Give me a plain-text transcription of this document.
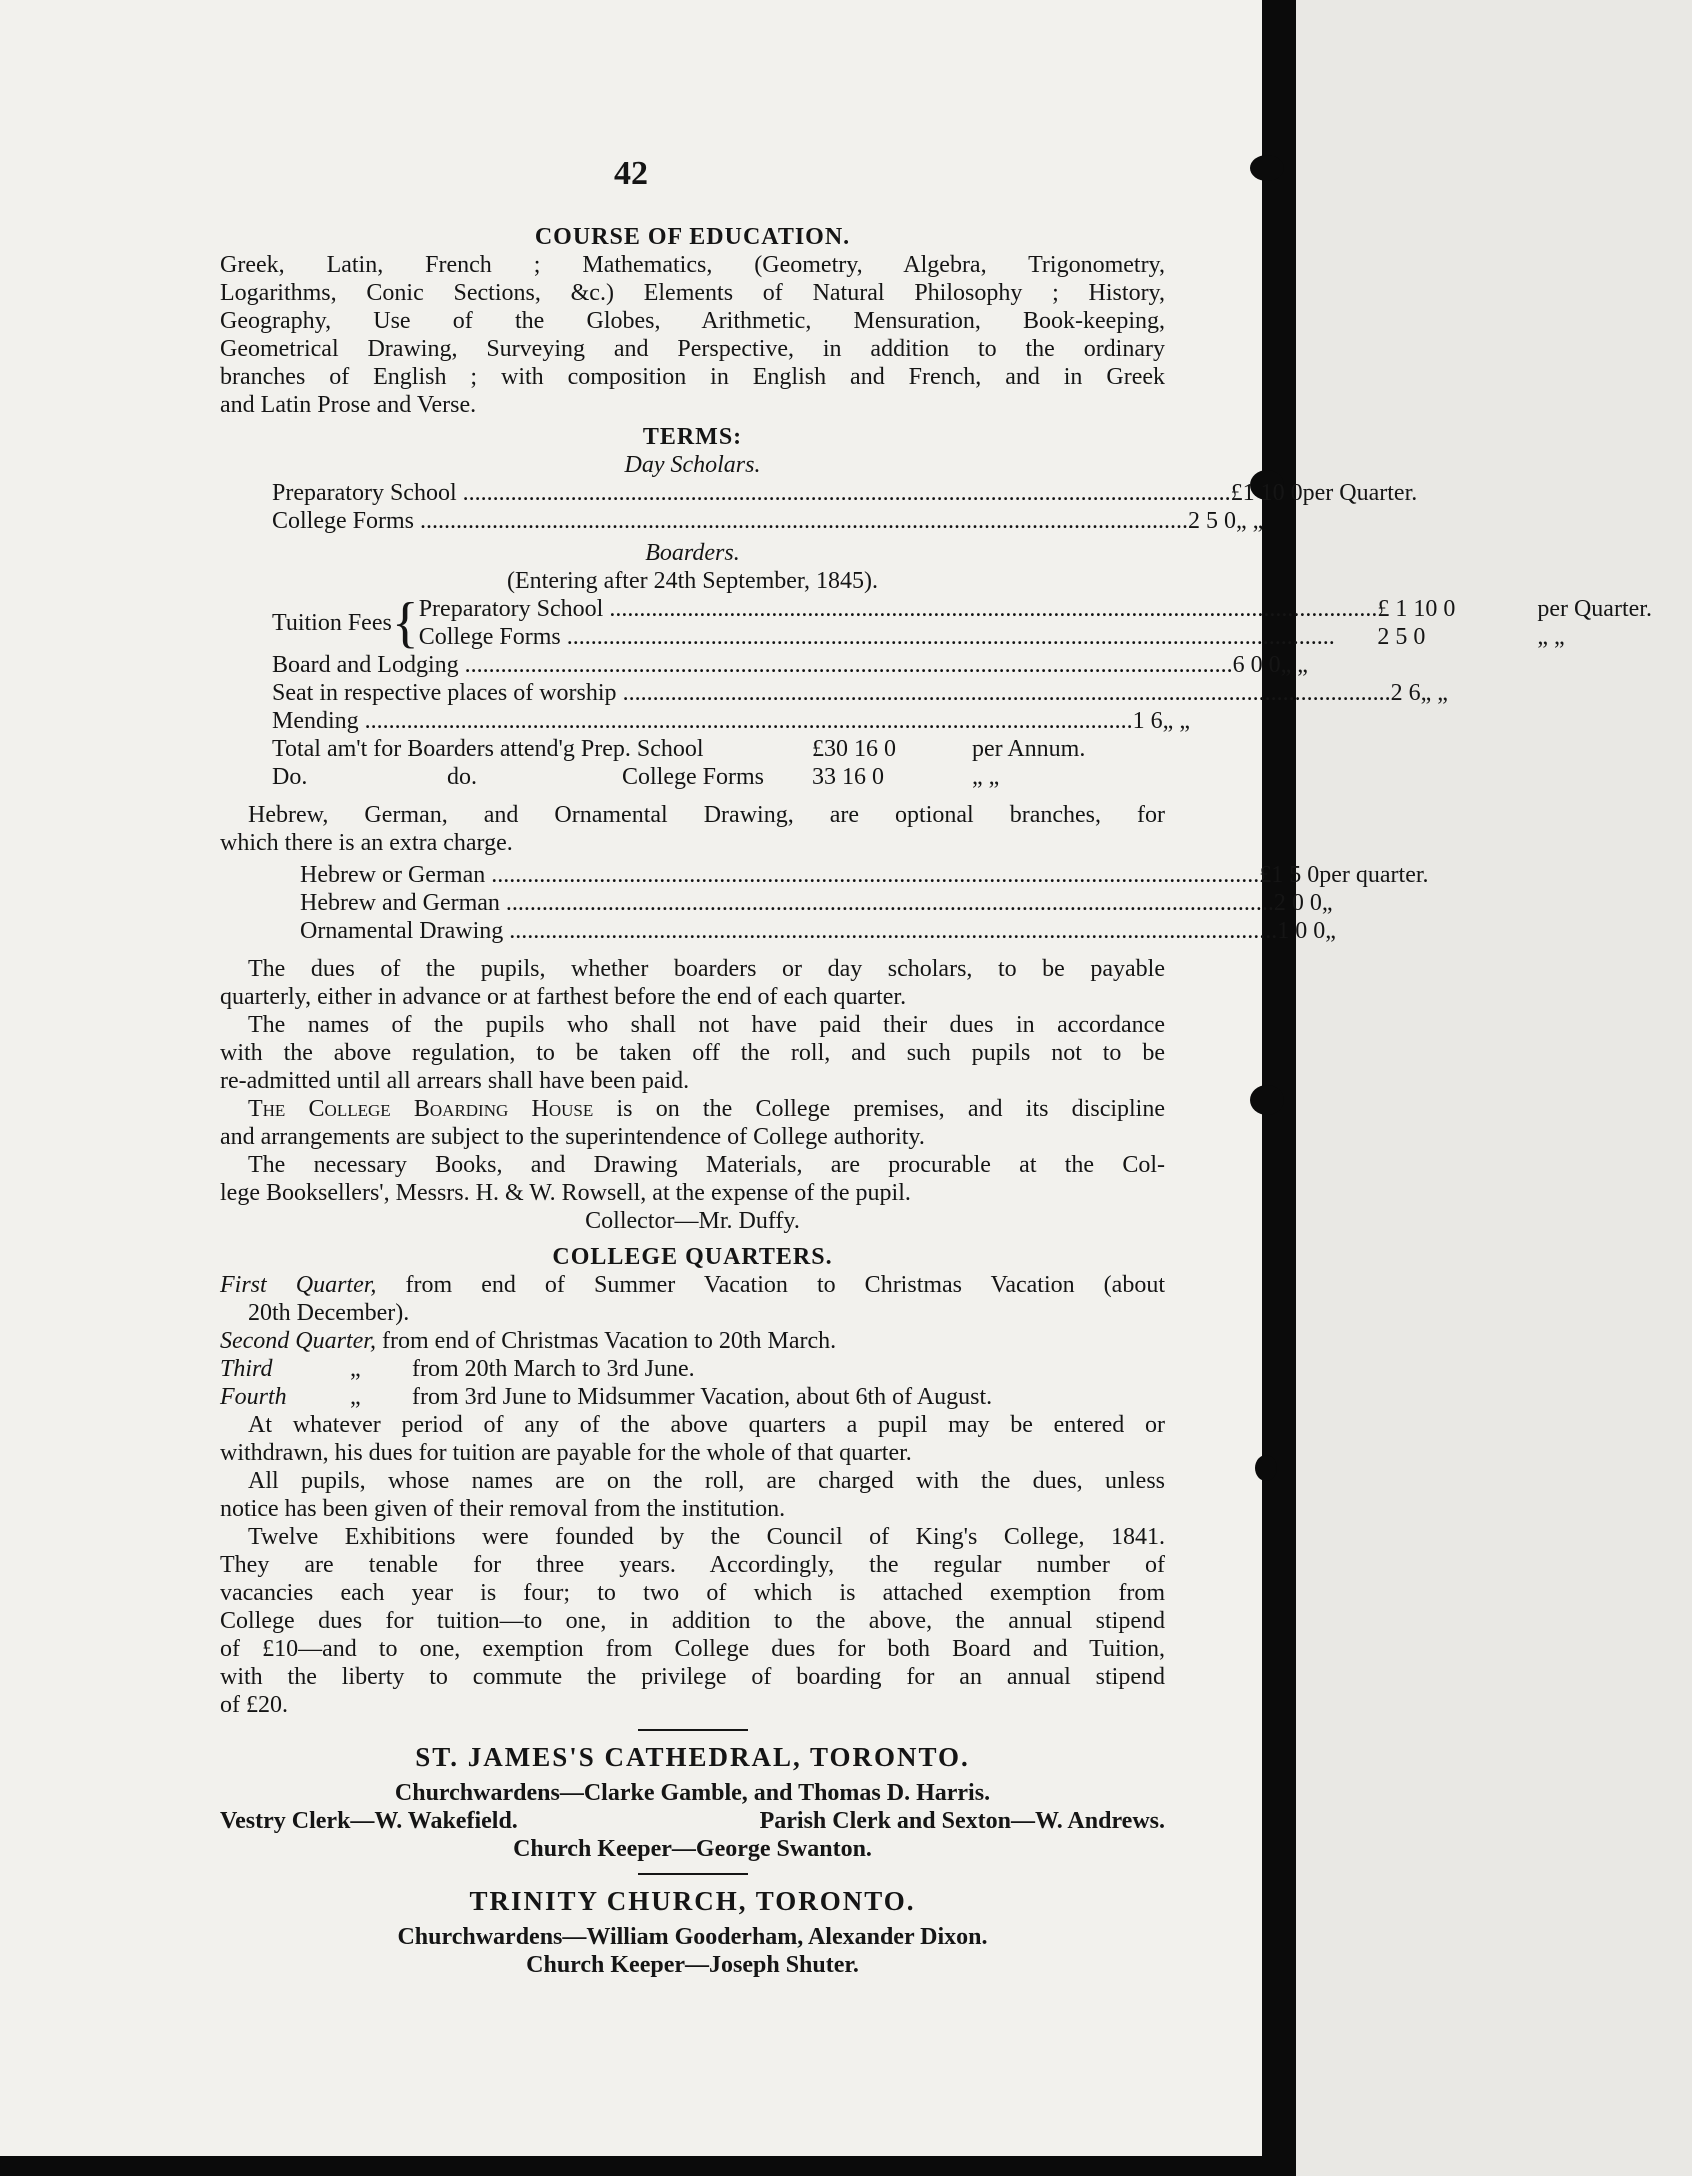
42
COURSE OF EDUCATION.
Greek, Latin, French ; Mathematics, (Geometry, Algebra, Trigonometry,
Logarithms, Conic Sections, &c.) Elements of Natural Philosophy ; History,
Geography, Use of the Globes, Arithmetic, Mensuration, Book-keeping,
Geometrical Drawing, Surveying and Perspective, in addition to the ordinary
branches of English ; with composition in English and French, and in Greek
and Latin Prose and Verse.
TERMS:
Day Scholars.
Preparatory School .....	£1 10 0 per Quarter.
College Forms .....	2 5 0 „ „
Boarders.
(Entering after 24th September, 1845).
Tuition Fees { Preparatory School .....	£ 1 10 0	per Quarter.
College Forms .....	2 5 0	„ „
Board and Lodging .....	6 0 0 „ „
Seat in respective places of worship .....	2 6 „ „
Mending .....	1 6 „ „
Total am't for Boarders attend'g Prep. School	£30 16 0	per Annum.
Do.	do.	College Forms	33 16 0	„ „
Hebrew, German, and Ornamental Drawing, are optional branches, for
which there is an extra charge.
Hebrew or German .....	£1 5 0 per quarter.
Hebrew and German .....	2 0 0 „
Ornamental Drawing .....	1 0 0 „
The dues of the pupils, whether boarders or day scholars, to be payable
quarterly, either in advance or at farthest before the end of each quarter.
The names of the pupils who shall not have paid their dues in accordance
with the above regulation, to be taken off the roll, and such pupils not to be
re-admitted until all arrears shall have been paid.
The College Boarding House is on the College premises, and its discipline
and arrangements are subject to the superintendence of College authority.
The necessary Books, and Drawing Materials, are procurable at the Col-
lege Booksellers', Messrs. H. & W. Rowsell, at the expense of the pupil.
Collector—Mr. Duffy.
COLLEGE QUARTERS.
First Quarter, from end of Summer Vacation to Christmas Vacation (about
20th December).
Second Quarter, from end of Christmas Vacation to 20th March.
Third	„	from 20th March to 3rd June.
Fourth	„	from 3rd June to Midsummer Vacation, about 6th of August.
At whatever period of any of the above quarters a pupil may be entered or
withdrawn, his dues for tuition are payable for the whole of that quarter.
All pupils, whose names are on the roll, are charged with the dues, unless
notice has been given of their removal from the institution.
Twelve Exhibitions were founded by the Council of King's College, 1841.
They are tenable for three years. Accordingly, the regular number of
vacancies each year is four; to two of which is attached exemption from
College dues for tuition—to one, in addition to the above, the annual stipend
of £10—and to one, exemption from College dues for both Board and Tuition,
with the liberty to commute the privilege of boarding for an annual stipend
of £20.
ST. JAMES'S CATHEDRAL, TORONTO.
Churchwardens—Clarke Gamble, and Thomas D. Harris.
Vestry Clerk—W. Wakefield.	Parish Clerk and Sexton—W. Andrews.
Church Keeper—George Swanton.
TRINITY CHURCH, TORONTO.
Churchwardens—William Gooderham, Alexander Dixon.
Church Keeper—Joseph Shuter.
